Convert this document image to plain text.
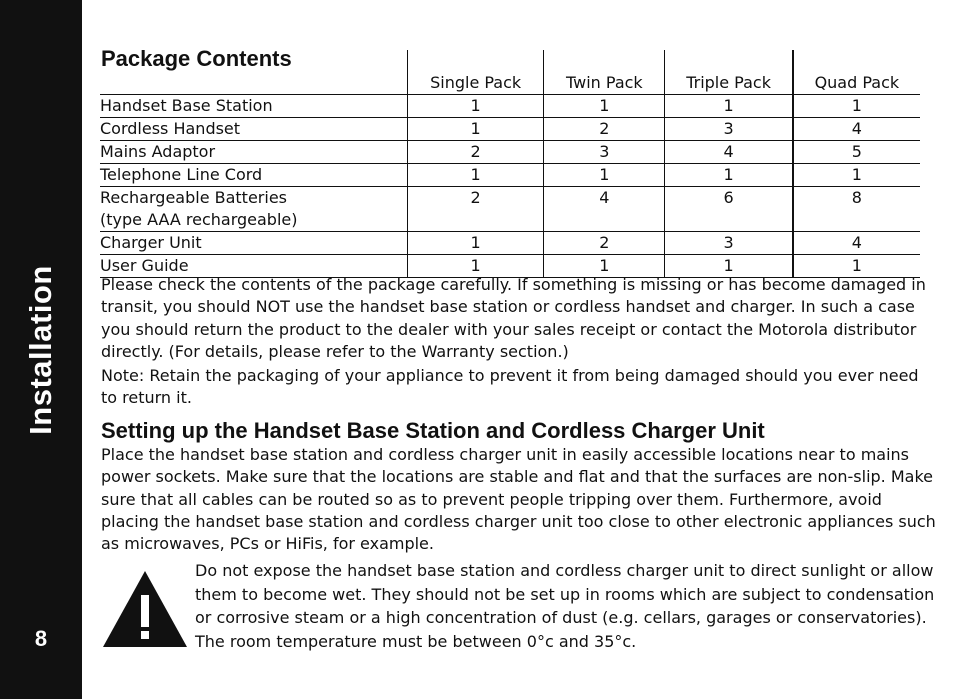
Installation
8
Package Contents
	Single Pack	Twin Pack	Triple Pack	Quad Pack
Handset Base Station	1	1	1	1
Cordless Handset	1	2	3	4
Mains Adaptor	2	3	4	5
Telephone Line Cord	1	1	1	1

Rechargeable Batteries
(type AAA rechargeable)	2	4	6	8
Charger Unit	1	2	3	4
User Guide	1	1	1	1

Please check the contents of the package carefully. If something is missing or has become damaged in transit, you should NOT use the handset base station or cordless handset and charger. In such a case you should return the product to the dealer with your sales receipt or contact the Motorola distributor directly. (For details, please refer to the Warranty section.)

Note: Retain the packaging of your appliance to prevent it from being damaged should you ever need to return it.

Setting up the Handset Base Station and Cordless Charger Unit

Place the handset base station and cordless charger unit in easily accessible locations near to mains power sockets. Make sure that the locations are stable and flat and that the surfaces are non-slip. Make sure that all cables can be routed so as to prevent people tripping over them. Furthermore, avoid placing the handset base station and cordless charger unit too close to other electronic appliances such as microwaves, PCs or HiFis, for example.

Do not expose the handset base station and cordless charger unit to direct sunlight or allow them to become wet. They should not be set up in rooms which are subject to condensation or corrosive steam or a high concentration of dust (e.g. cellars, garages or conservatories). The room temperature must be between 0°c and 35°c.
